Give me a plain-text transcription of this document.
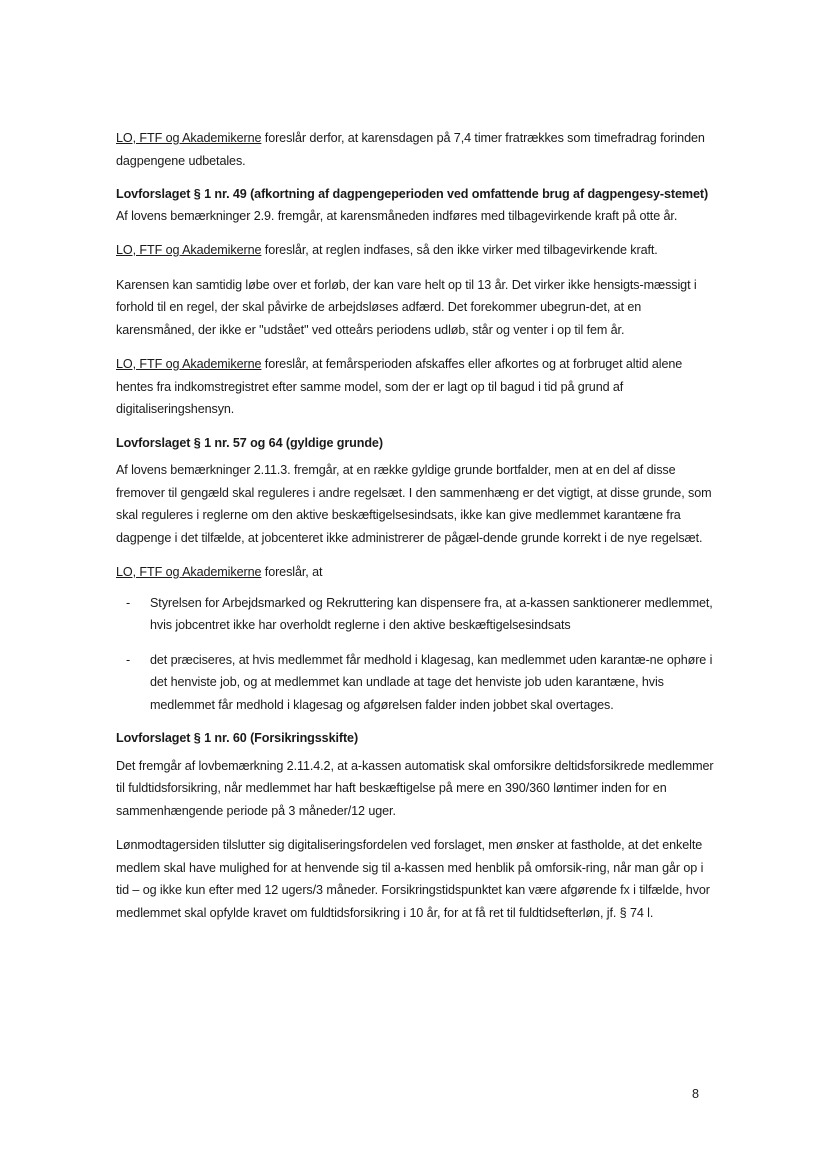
LO, FTF og Akademikerne foreslår derfor, at karensdagen på 7,4 timer fratrækkes som timefradrag forinden dagpengene udbetales.

Lovforslaget § 1 nr. 49 (afkortning af dagpengeperioden ved omfattende brug af dagpengesy-stemet)

Af lovens bemærkninger 2.9. fremgår, at karensmåneden indføres med tilbagevirkende kraft på otte år.

LO, FTF og Akademikerne foreslår, at reglen indfases, så den ikke virker med tilbagevirkende kraft.

Karensen kan samtidig løbe over et forløb, der kan vare helt op til 13 år. Det virker ikke hensigts-mæssigt i forhold til en regel, der skal påvirke de arbejdsløses adfærd. Det forekommer ubegrun-det, at en karensmåned, der ikke er "udstået" ved otteårs periodens udløb, står og venter i op til fem år.

LO, FTF og Akademikerne foreslår, at femårsperioden afskaffes eller afkortes og at forbruget altid alene hentes fra indkomstregistret efter samme model, som der er lagt op til bagud i tid på grund af digitaliseringshensyn.

Lovforslaget § 1 nr. 57 og 64 (gyldige grunde)

Af lovens bemærkninger 2.11.3. fremgår, at en række gyldige grunde bortfalder, men at en del af disse fremover til gengæld skal reguleres i andre regelsæt. I den sammenhæng er det vigtigt, at disse grunde, som skal reguleres i reglerne om den aktive beskæftigelsesindsats, ikke kan give medlemmet karantæne fra dagpenge i det tilfælde, at jobcenteret ikke administrerer de pågæl-dende grunde korrekt i de nye regelsæt.

LO, FTF og Akademikerne foreslår, at

- Styrelsen for Arbejdsmarked og Rekruttering kan dispensere fra, at a-kassen sanktionerer medlemmet, hvis jobcentret ikke har overholdt reglerne i den aktive beskæftigelsesindsats

- det præciseres, at hvis medlemmet får medhold i klagesag, kan medlemmet uden karantæ-ne ophøre i det henviste job, og at medlemmet kan undlade at tage det henviste job uden karantæne, hvis medlemmet får medhold i klagesag og afgørelsen falder inden jobbet skal overtages.

Lovforslaget § 1 nr. 60 (Forsikringsskifte)

Det fremgår af lovbemærkning 2.11.4.2, at a-kassen automatisk skal omforsikre deltidsforsikrede medlemmer til fuldtidsforsikring, når medlemmet har haft beskæftigelse på mere en 390/360 løntimer inden for en sammenhængende periode på 3 måneder/12 uger.

Lønmodtagersiden tilslutter sig digitaliseringsfordelen ved forslaget, men ønsker at fastholde, at det enkelte medlem skal have mulighed for at henvende sig til a-kassen med henblik på omforsik-ring, når man går op i tid – og ikke kun efter med 12 ugers/3 måneder. Forsikringstidspunktet kan være afgørende fx i tilfælde, hvor medlemmet skal opfylde kravet om fuldtidsforsikring i 10 år, for at få ret til fuldtidsefterløn, jf. § 74 l.

8
